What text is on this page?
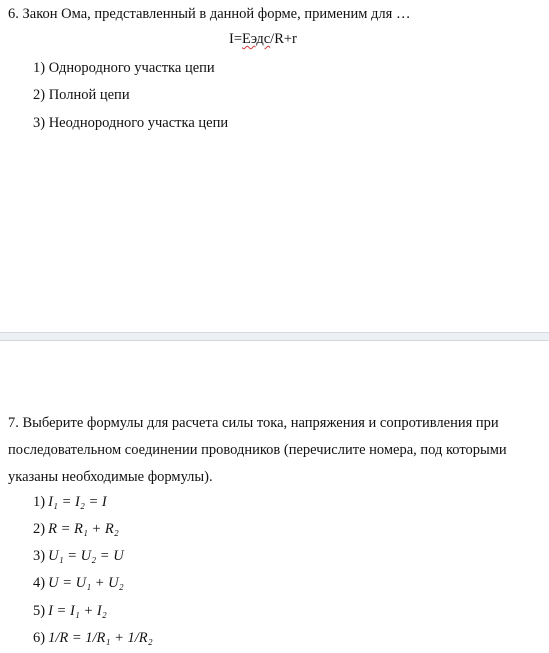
6. Закон Ома, представленный в данной форме, применим для …
I=Еэдс/R+r
1) Однородного участка цепи
2) Полной цепи
3) Неоднородного участка цепи
7. Выберите формулы для расчета силы тока, напряжения и сопротивления при
последовательном соединении проводников (перечислите номера, под которыми
указаны необходимые формулы).
1) I₁ = I₂ = I
2) R = R₁ + R₂
3) U₁ = U₂ = U
4) U = U₁ + U₂
5) I = I₁ + I₂
6) 1/R = 1/R₁ + 1/R₂
